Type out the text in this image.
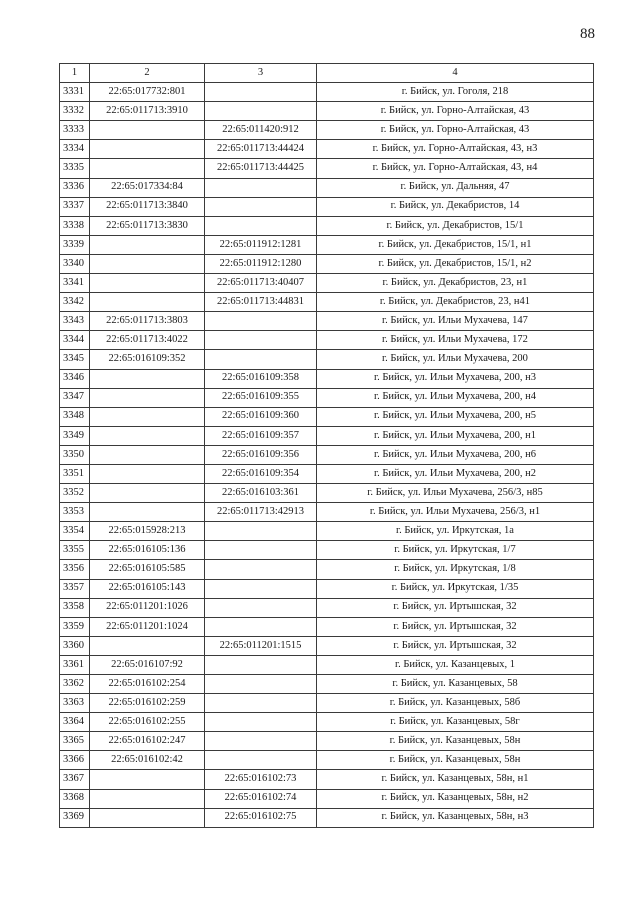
88
1	2	3	4
3331	22:65:017732:801		г. Бийск, ул. Гоголя, 218
3332	22:65:011713:3910		г. Бийск, ул. Горно-Алтайская, 43
3333		22:65:011420:912	г. Бийск, ул. Горно-Алтайская, 43
3334		22:65:011713:44424	г. Бийск, ул. Горно-Алтайская, 43, н3
3335		22:65:011713:44425	г. Бийск, ул. Горно-Алтайская, 43, н4
3336	22:65:017334:84		г. Бийск, ул. Дальняя, 47
3337	22:65:011713:3840		г. Бийск, ул. Декабристов, 14
3338	22:65:011713:3830		г. Бийск, ул. Декабристов, 15/1
3339		22:65:011912:1281	г. Бийск, ул. Декабристов, 15/1, н1
3340		22:65:011912:1280	г. Бийск, ул. Декабристов, 15/1, н2
3341		22:65:011713:40407	г. Бийск, ул. Декабристов, 23, н1
3342		22:65:011713:44831	г. Бийск, ул. Декабристов, 23, н41
3343	22:65:011713:3803		г. Бийск, ул. Ильи Мухачева, 147
3344	22:65:011713:4022		г. Бийск, ул. Ильи Мухачева, 172
3345	22:65:016109:352		г. Бийск, ул. Ильи Мухачева, 200
3346		22:65:016109:358	г. Бийск, ул. Ильи Мухачева, 200, н3
3347		22:65:016109:355	г. Бийск, ул. Ильи Мухачева, 200, н4
3348		22:65:016109:360	г. Бийск, ул. Ильи Мухачева, 200, н5
3349		22:65:016109:357	г. Бийск, ул. Ильи Мухачева, 200, н1
3350		22:65:016109:356	г. Бийск, ул. Ильи Мухачева, 200, н6
3351		22:65:016109:354	г. Бийск, ул. Ильи Мухачева, 200, н2
3352		22:65:016103:361	г. Бийск, ул. Ильи Мухачева, 256/3, н85
3353		22:65:011713:42913	г. Бийск, ул. Ильи Мухачева, 256/3, н1
3354	22:65:015928:213		г. Бийск, ул. Иркутская, 1а
3355	22:65:016105:136		г. Бийск, ул. Иркутская, 1/7
3356	22:65:016105:585		г. Бийск, ул. Иркутская, 1/8
3357	22:65:016105:143		г. Бийск, ул. Иркутская, 1/35
3358	22:65:011201:1026		г. Бийск, ул. Иртышская, 32
3359	22:65:011201:1024		г. Бийск, ул. Иртышская, 32
3360		22:65:011201:1515	г. Бийск, ул. Иртышская, 32
3361	22:65:016107:92		г. Бийск, ул. Казанцевых, 1
3362	22:65:016102:254		г. Бийск, ул. Казанцевых, 58
3363	22:65:016102:259		г. Бийск, ул. Казанцевых, 58б
3364	22:65:016102:255		г. Бийск, ул. Казанцевых, 58г
3365	22:65:016102:247		г. Бийск, ул. Казанцевых, 58н
3366	22:65:016102:42		г. Бийск, ул. Казанцевых, 58н
3367		22:65:016102:73	г. Бийск, ул. Казанцевых, 58н, н1
3368		22:65:016102:74	г. Бийск, ул. Казанцевых, 58н, н2
3369		22:65:016102:75	г. Бийск, ул. Казанцевых, 58н, н3
